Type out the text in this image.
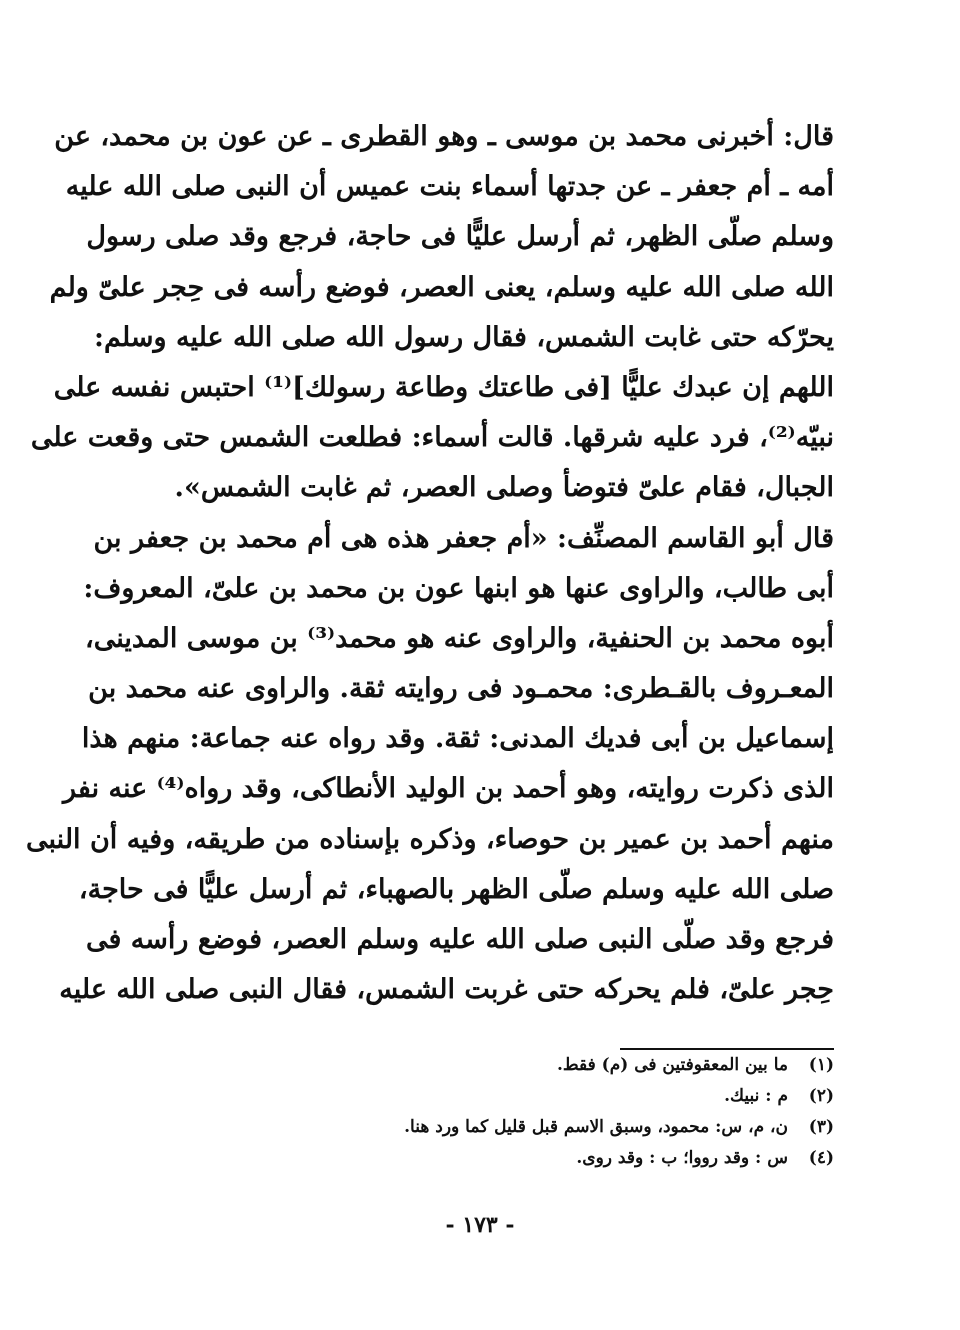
قال: أخبرنى محمد بن موسى ـ وهو القطرى ـ عن عون بن محمد، عن
أمه ـ أم جعفر ـ عن جدتها أسماء بنت عميس أن النبى صلى الله عليه
وسلم صلّى الظهر، ثم أرسل عليًّا فى حاجة، فرجع وقد صلى رسول
الله صلى الله عليه وسلم، يعنى العصر، فوضع رأسه فى حِجر علىّ ولم
يحرّكه حتى غابت الشمس، فقال رسول الله صلى الله عليه وسلم:
اللهم إن عبدك عليًّا [فى طاعتك وطاعة رسولك]⁽¹⁾ احتبس نفسه على
نبيّه⁽²⁾، فرد عليه شرقها. قالت أسماء: فطلعت الشمس حتى وقعت على
الجبال، فقام علىّ فتوضأ وصلى العصر، ثم غابت الشمس».
قال أبو القاسم المصنِّف: «أم جعفر هذه هى أم محمد بن جعفر بن
أبى طالب، والراوى عنها هو ابنها عون بن محمد بن علىّ، المعروف:
أبوه محمد بن الحنفية، والراوى عنه هو محمد⁽³⁾ بن موسى المدينى،
المعـروف بالقـطرى: محمـود فى روايته ثقة. والراوى عنه محمد بن
إسماعيل بن أبى فديك المدنى: ثقة. وقد رواه عنه جماعة: منهم هذا
الذى ذكرت روايته، وهو أحمد بن الوليد الأنطاكى، وقد رواه⁽⁴⁾ عنه نفر
منهم أحمد بن عمير بن حوصاء، وذكره بإسناده من طريقه، وفيه أن النبى
صلى الله عليه وسلم صلّى الظهر بالصهباء، ثم أرسل عليًّا فى حاجة،
فرجع وقد صلّى النبى صلى الله عليه وسلم العصر، فوضع رأسه فى
حِجر علىّ، فلم يحركه حتى غربت الشمس، فقال النبى صلى الله عليه
(١)
ما بين المعقوفتين فى (م) فقط.
(٢)
م : نبيك.
(٣)
ن، م، س: محمود، وسبق الاسم قبل قليل كما ورد هنا.
(٤)
س : وقد رووا؛ ب : وقد روى.
- ١٧٣ -
